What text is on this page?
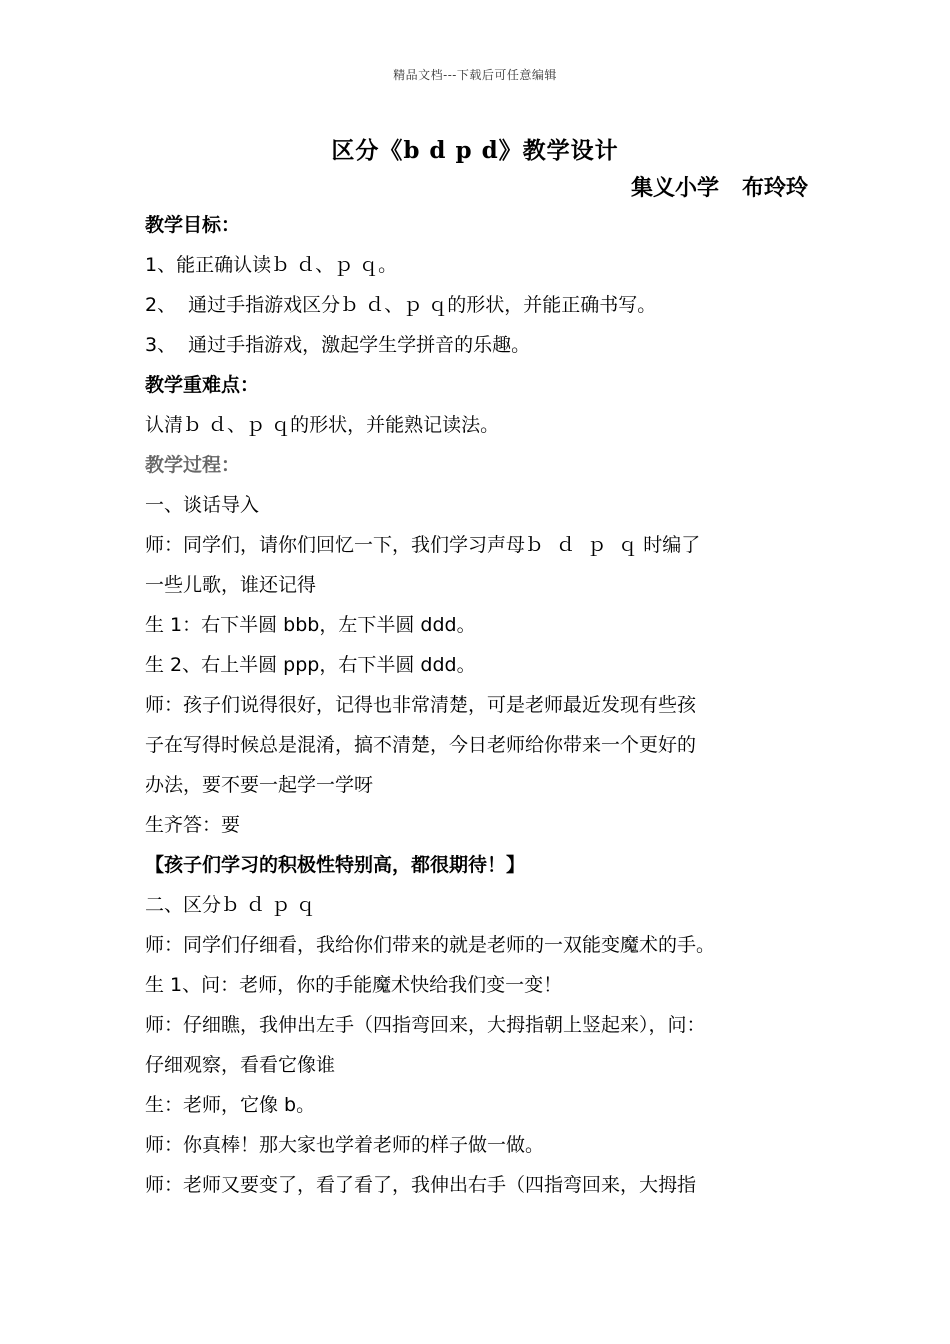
精品文档---下载后可任意编辑
区分《b d p d》教学设计
集义小学   布玲玲
教学目标：
1、能正确认读ｂ ｄ、ｐ ｑ。
2、  通过手指游戏区分ｂ ｄ、ｐ ｑ的形状，并能正确书写。
3、  通过手指游戏，激起学生学拼音的乐趣。
教学重难点：
认清ｂ ｄ、ｐ ｑ的形状，并能熟记读法。
教学过程：
一、谈话导入
师：同学们，请你们回忆一下，我们学习声母ｂ  ｄ  ｐ  ｑ 时编了
一些儿歌，谁还记得
生 1：右下半圆 bbb，左下半圆 ddd。
生 2、右上半圆 ppp，右下半圆 ddd。
师：孩子们说得很好，记得也非常清楚，可是老师最近发现有些孩
子在写得时候总是混淆，搞不清楚，今日老师给你带来一个更好的
办法，要不要一起学一学呀
生齐答：要
【孩子们学习的积极性特别高，都很期待！】
二、区分ｂ ｄ ｐ ｑ
师：同学们仔细看，我给你们带来的就是老师的一双能变魔术的手。
生 1、问：老师，你的手能魔术快给我们变一变！
师：仔细瞧，我伸出左手（四指弯回来，大拇指朝上竖起来），问：
仔细观察，看看它像谁
生：老师，它像 b。
师：你真棒！那大家也学着老师的样子做一做。
师：老师又要变了，看了看了，我伸出右手（四指弯回来，大拇指
